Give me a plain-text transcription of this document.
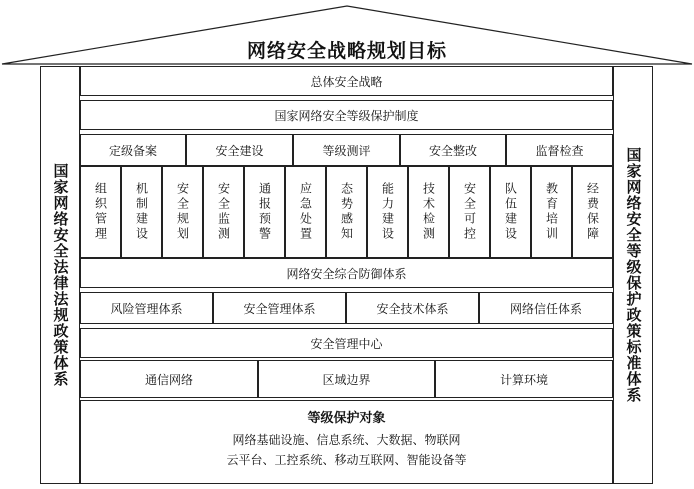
网络安全战略规划目标
国家网络安全法律法规政策体系	国家网络安全等级保护政策标准体系
总体安全战略
国家网络安全等级保护制度
定级备案	安全建设	等级测评	安全整改	监督检查
组织管理 机制建设 安全规划 安全监测 通报预警 应急处置 态势感知 能力建设 技术检测 安全可控 队伍建设 教育培训 经费保障
网络安全综合防御体系
风险管理体系	安全管理体系	安全技术体系	网络信任体系
安全管理中心
通信网络	区域边界	计算环境
等级保护对象
网络基础设施、信息系统、大数据、物联网
云平台、工控系统、移动互联网、智能设备等
